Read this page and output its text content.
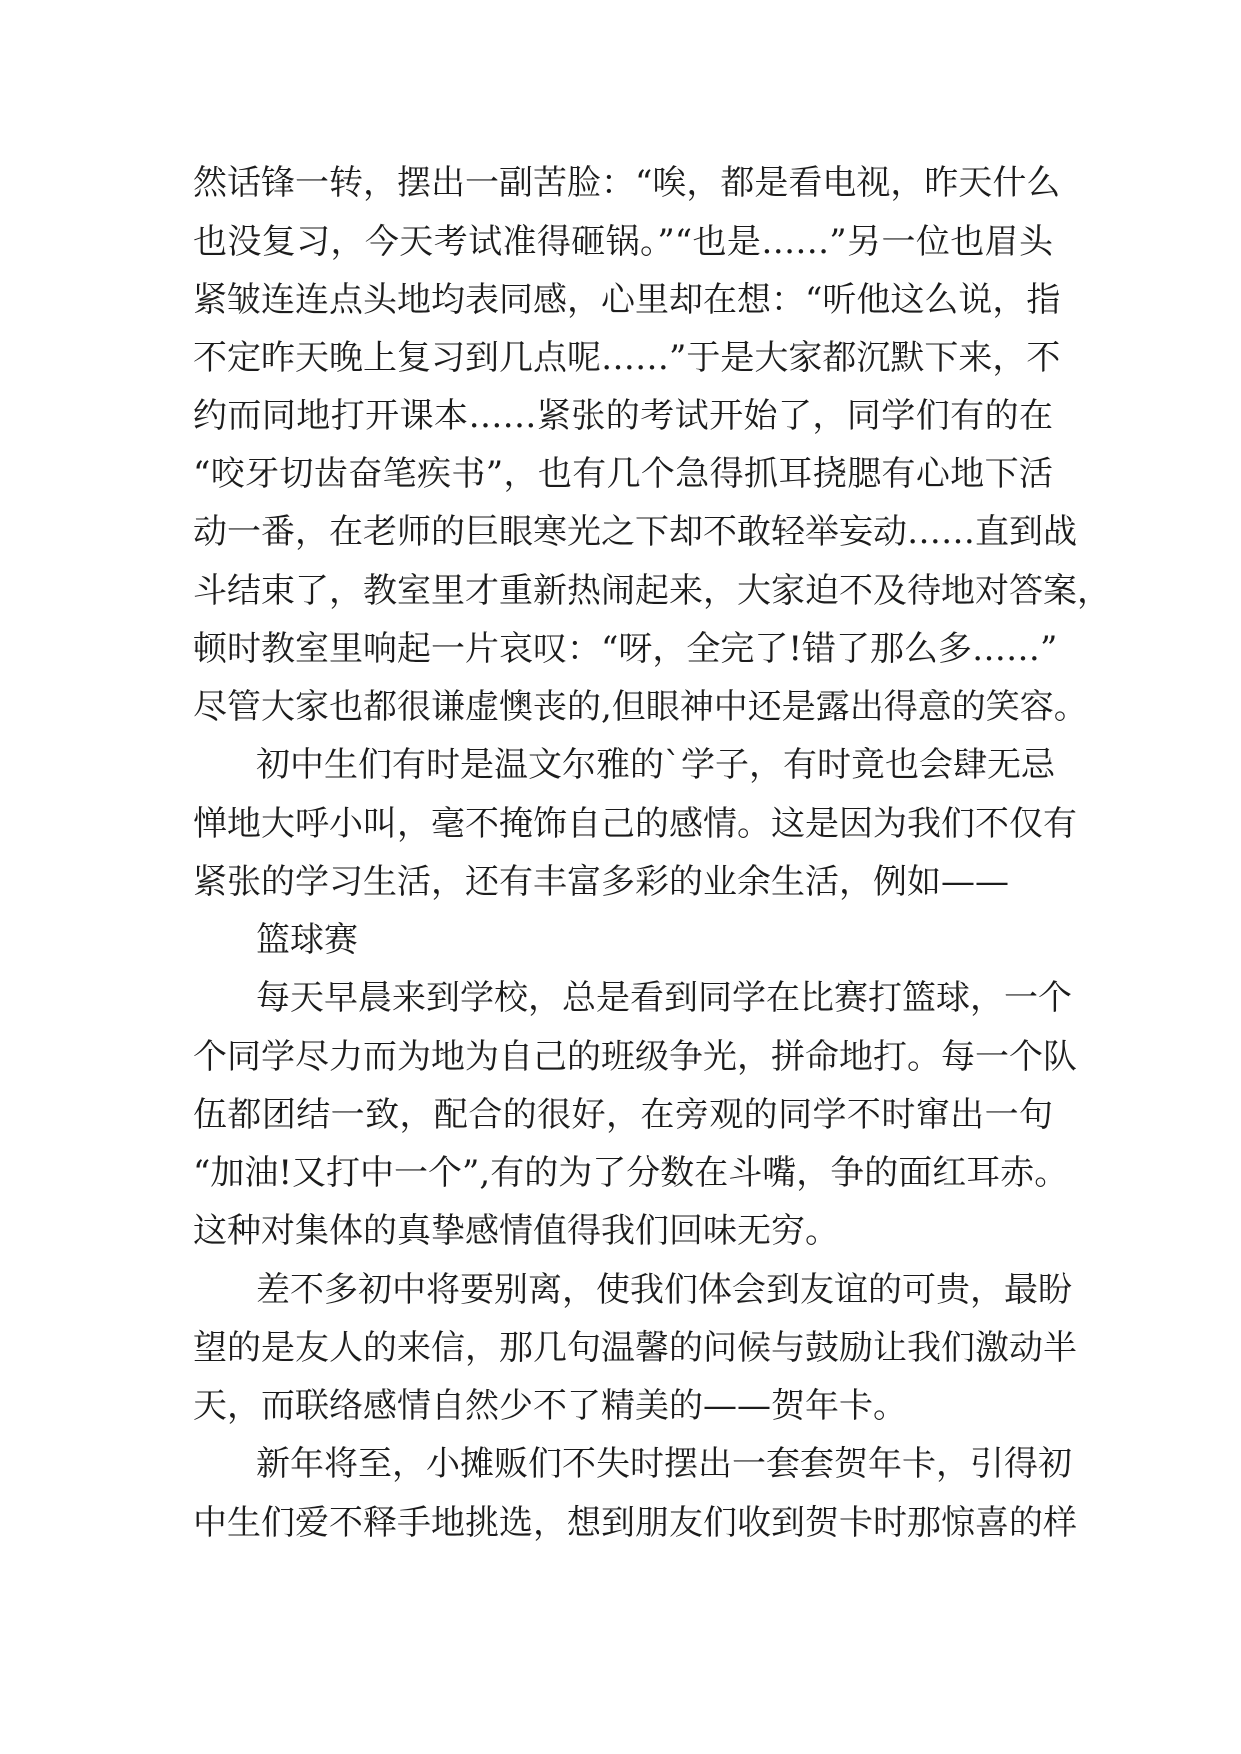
然话锋一转，摆出一副苦脸：“唉，都是看电视，昨天什么
也没复习，今天考试准得砸锅。”“也是……”另一位也眉头
紧皱连连点头地均表同感，心里却在想：“听他这么说，指
不定昨天晚上复习到几点呢……”于是大家都沉默下来，不
约而同地打开课本……紧张的考试开始了，同学们有的在
“咬牙切齿奋笔疾书”，也有几个急得抓耳挠腮有心地下活
动一番，在老师的巨眼寒光之下却不敢轻举妄动……直到战
斗结束了，教室里才重新热闹起来，大家迫不及待地对答案，
顿时教室里响起一片哀叹：“呀，全完了!错了那么多……”
尽管大家也都很谦虚懊丧的,但眼神中还是露出得意的笑容。
初中生们有时是温文尔雅的`学子，有时竟也会肆无忌
惮地大呼小叫，毫不掩饰自己的感情。这是因为我们不仅有
紧张的学习生活，还有丰富多彩的业余生活，例如——
篮球赛
每天早晨来到学校，总是看到同学在比赛打篮球，一个
个同学尽力而为地为自己的班级争光，拼命地打。每一个队
伍都团结一致，配合的很好，在旁观的同学不时窜出一句
“加油!又打中一个”,有的为了分数在斗嘴，争的面红耳赤。
这种对集体的真挚感情值得我们回味无穷。
差不多初中将要别离，使我们体会到友谊的可贵，最盼
望的是友人的来信，那几句温馨的问候与鼓励让我们激动半
天，而联络感情自然少不了精美的——贺年卡。
新年将至，小摊贩们不失时摆出一套套贺年卡，引得初
中生们爱不释手地挑选，想到朋友们收到贺卡时那惊喜的样
